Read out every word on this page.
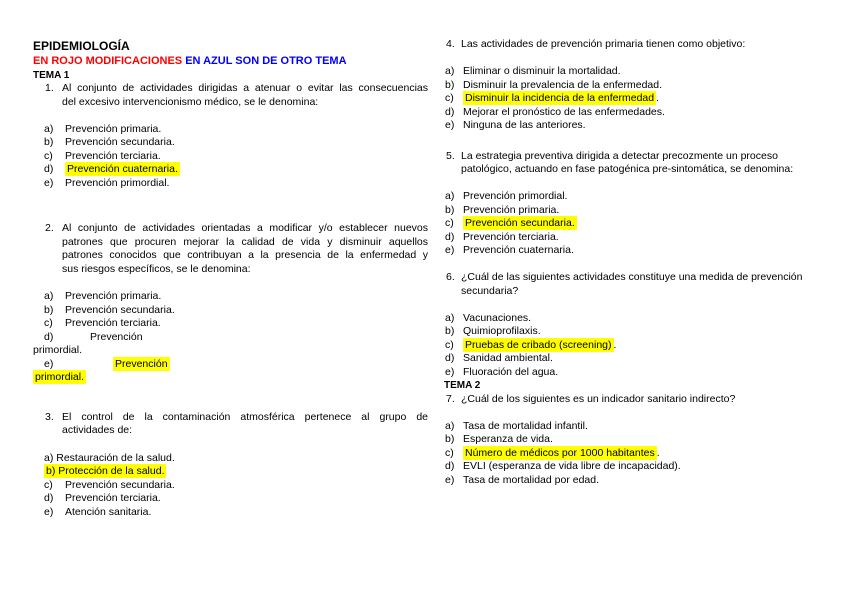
EPIDEMIOLOGÍA
EN ROJO MODIFICACIONES EN AZUL SON DE OTRO TEMA
TEMA 1
1. Al conjunto de actividades dirigidas a atenuar o evitar las consecuencias
del excesivo intervencionismo médico, se le denomina:
a)	Prevención primaria.
b)	Prevención secundaria.
c)	Prevención terciaria.
d)	Prevención cuaternaria.
e)	Prevención primordial.
2. Al conjunto de actividades orientadas a modificar y/o establecer nuevos
patrones que procuren mejorar la calidad de vida y disminuir aquellos
patrones conocidos que contribuyan a la presencia de la enfermedad y
sus riesgos específicos, se le denomina:
a)	Prevención primaria.
b)	Prevención secundaria.
c)	Prevención terciaria.
d)	Prevención
primordial.
e)	Prevención
primordial.
3. El control de la contaminación atmosférica pertenece al grupo de
actividades de:
a) Restauración de la salud.
b) Protección de la salud.
c)	Prevención secundaria.
d)	Prevención terciaria.
e)	Atención sanitaria.
4. Las actividades de prevención primaria tienen como objetivo:
a) Eliminar o disminuir la mortalidad.
b) Disminuir la prevalencia de la enfermedad.
c)	Disminuir la incidencia de la enfermedad .
d) Mejorar el pronóstico de las enfermedades.
e) Ninguna de las anteriores.
5. La estrategia preventiva dirigida a detectar precozmente un proceso
patológico, actuando en fase patogénica pre-sintomática, se denomina:
a) Prevención primordial.
b) Prevención primaria.
c)	Prevención secundaria.
d) Prevención terciaria.
e) Prevención cuaternaria.
6. ¿Cuál de las siguientes actividades constituye una medida de prevención
secundaria?
a) Vacunaciones.
b) Quimioprofilaxis.
c)	Pruebas de cribado (screening) .
d) Sanidad ambiental.
e) Fluoración del agua.
TEMA 2
7. ¿Cuál de los siguientes es un indicador sanitario indirecto?
a) Tasa de mortalidad infantil.
b) Esperanza de vida.
c)	Número de médicos por 1000 habitantes .
d) EVLI (esperanza de vida libre de incapacidad).
e) Tasa de mortalidad por edad.
